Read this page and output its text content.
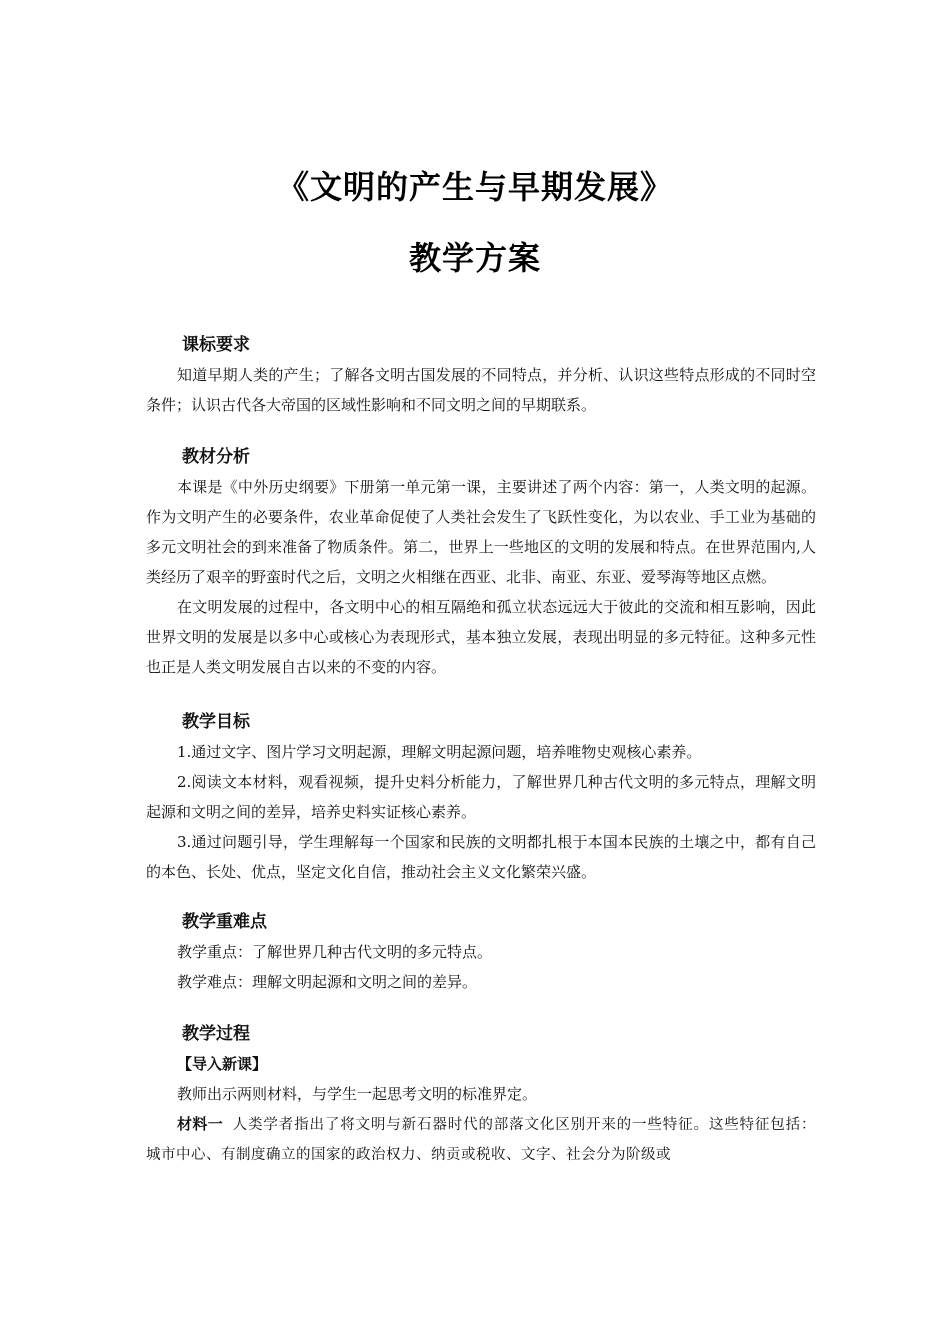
《文明的产生与早期发展》
教学方案

课标要求

知道早期人类的产生；了解各文明古国发展的不同特点，并分析、认识这些特点形成的不同时空条件；认识古代各大帝国的区域性影响和不同文明之间的早期联系。

教材分析

本课是《中外历史纲要》下册第一单元第一课，主要讲述了两个内容：第一，人类文明的起源。作为文明产生的必要条件，农业革命促使了人类社会发生了飞跃性变化，为以农业、手工业为基础的多元文明社会的到来准备了物质条件。第二，世界上一些地区的文明的发展和特点。在世界范围内,人类经历了艰辛的野蛮时代之后，文明之火相继在西亚、北非、南亚、东亚、爱琴海等地区点燃。

在文明发展的过程中，各文明中心的相互隔绝和孤立状态远远大于彼此的交流和相互影响，因此世界文明的发展是以多中心或核心为表现形式，基本独立发展，表现出明显的多元特征。这种多元性也正是人类文明发展自古以来的不变的内容。

教学目标

1.通过文字、图片学习文明起源，理解文明起源问题，培养唯物史观核心素养。

2.阅读文本材料，观看视频，提升史料分析能力，了解世界几种古代文明的多元特点，理解文明起源和文明之间的差异，培养史料实证核心素养。

3.通过问题引导，学生理解每一个国家和民族的文明都扎根于本国本民族的土壤之中，都有自己的本色、长处、优点，坚定文化自信，推动社会主义文化繁荣兴盛。

教学重难点

教学重点：了解世界几种古代文明的多元特点。

教学难点：理解文明起源和文明之间的差异。

教学过程

【导入新课】

教师出示两则材料，与学生一起思考文明的标准界定。

材料一 人类学者指出了将文明与新石器时代的部落文化区别开来的一些特征。这些特征包括：城市中心、有制度确立的国家的政治权力、纳贡或税收、文字、社会分为阶级或
